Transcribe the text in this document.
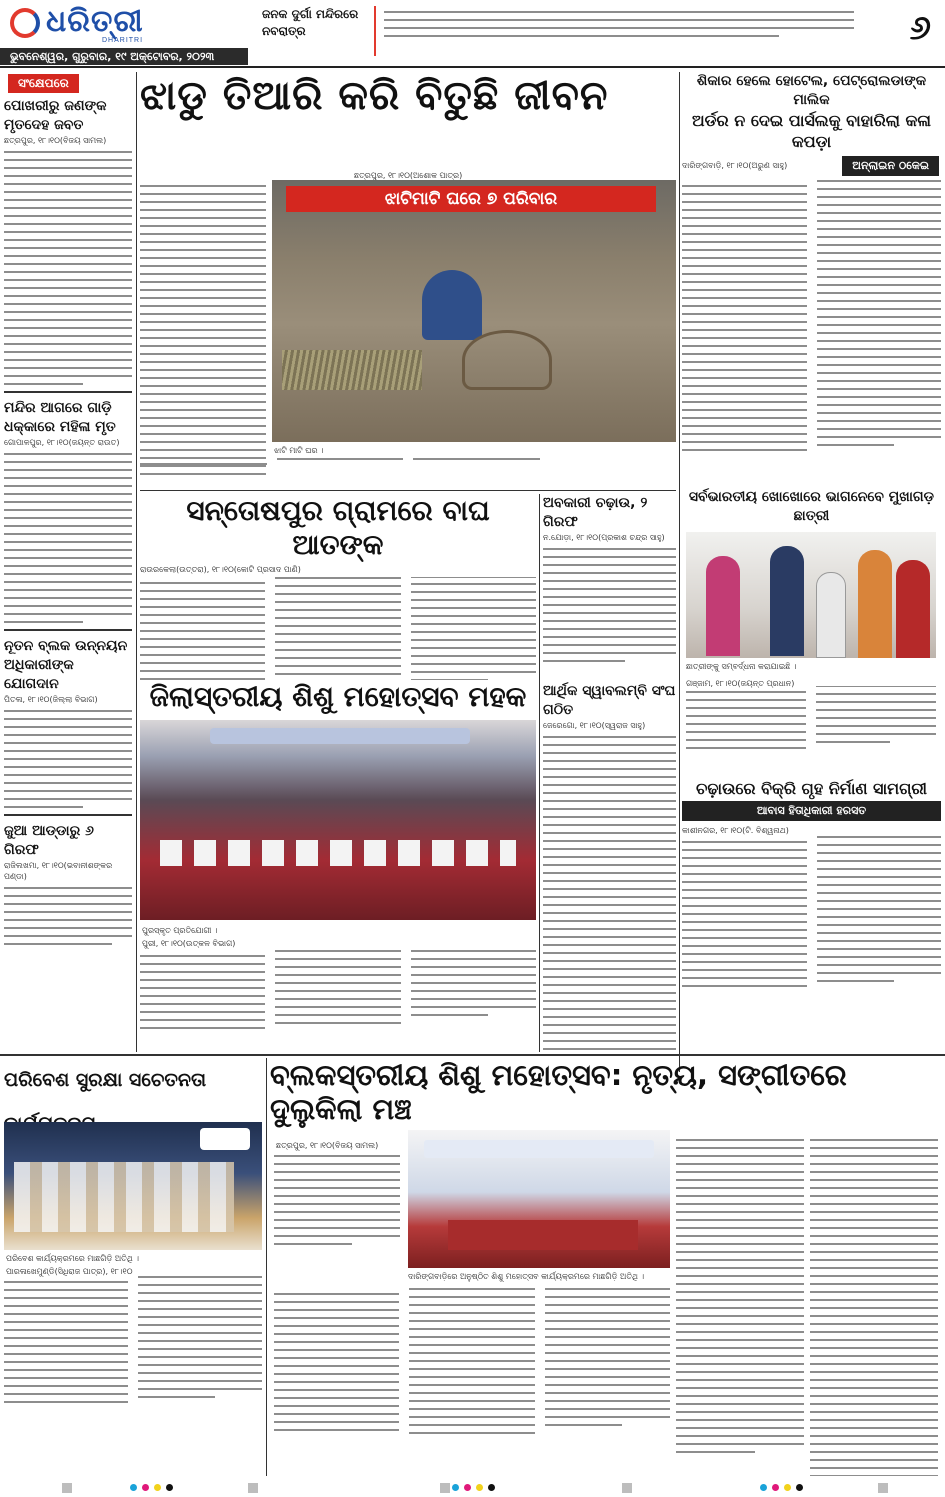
ଧରିତ୍ରୀ
DHARITRI
ଭୁବନେଶ୍ୱର, ଗୁରୁବାର, ୧୯ ଅକ୍ଟୋବର, ୨୦୨୩
ଜନକ ଦୁର୍ଗା ମନ୍ଦିରରେ ନବରାତ୍ର	୬
ସଂକ୍ଷେପରେ
ପୋଖରୀରୁ ଜଣଙ୍କ ମୃତଦେହ ଜବତ
ଛତ୍ରପୁର, ୧୮।୧୦(ବିଜୟ ସାମଲ)
ମନ୍ଦିର ଆଗରେ ଗାଡ଼ି ଧକ୍କାରେ ମହିଳା ମୃତ
ଗୋପାଳପୁର, ୧୮।୧୦(ଜୟନ୍ତ ରାଉତ)
ନୂତନ ବ୍ଲକ ଉନ୍ନୟନ ଅଧିକାରୀଙ୍କ ଯୋଗଦାନ
ପିତଳା, ୧୮।୧୦(ଜିଲ୍ଲା ବିଭାଗ)
ଜୁଆ ଆଡ୍ଡାରୁ ୬ ଗିରଫ
ରାଜିଲଖମା, ୧୮।୧୦(ଭବାନୀଶଙ୍କର ପଣ୍ଡା)
ଝାଡୁ ତିଆରି କରି ବିତୁଛି ଜୀବନ
ଛତ୍ରପୁର, ୧୮।୧୦(ଅଶୋକ ପାତ୍ର)
ଝାଟିମାଟି ଘରେ ୭ ପରିବାର
ଝାଟି ମାଟି ଘର ।
ଶିକାର ହେଲେ ହୋଟେଲ, ପେଟ୍ରୋଲଡାଙ୍କ ମାଲିକ
ଅର୍ଡର ନ ଦେଇ ପାର୍ସଲକୁ ବାହାରିଲା କଳା କପଡ଼ା
ଦାରିଙ୍ଗବାଡ଼ି, ୧୮।୧୦(ଅରୁଣ ସାହୁ)	ଅନ୍‌ଲାଇନ ଠକେଇ
ସନ୍ତୋଷପୁର ଗ୍ରାମରେ ବାଘ ଆତଙ୍କ
ରାଉରକେଲା(ଉତ୍ତରା), ୧୮।୧୦(କୋଟି ପ୍ରସାଦ ପାଣି)
ଅବକାରୀ ଚଢ଼ାଉ, ୨ ଗିରଫ
ନ.ଯୋଡ଼ା, ୧୮।୧୦(ପ୍ରକାଶ ଚନ୍ଦ୍ର ସାହୁ)
ସର୍ବଭାରତୀୟ ଖୋଖୋରେ ଭାଗନେବେ ମୁଖାଗଡ଼ ଛାତ୍ରୀ
ଛାତ୍ରୀଙ୍କୁ ସମ୍ବର୍ଦ୍ଧନା କରାଯାଇଛି ।
ଗଞ୍ଜାମ, ୧୮।୧୦(ଜୟନ୍ତ ପ୍ରଧାନ)
ଜିଲାସ୍ତରୀୟ ଶିଶୁ ମହୋତ୍ସବ ମହକ
ପୁରସ୍କୃତ ପ୍ରତିଯୋଗୀ ।
ପୁରୀ, ୧୮।୧୦(ଉତ୍କଳ ବିଭାଗ)
ଆର୍ଥିକ ସ୍ୱାବଲମ୍ବି ସଂଘ ଗଠିତ
ଜେରେଗୋ, ୧୮।୧୦(ସ୍ୱରାଜ ସାହୁ)
ଚଢ଼ାଉରେ ବିକ୍ରି ଗୃହ ନିର୍ମାଣ ସାମଗ୍ରୀ
ଆବାସ ହିତାଧିକାରୀ ହରସତ
କାଶୀନଗର, ୧୮।୧୦(ଟି. ବିଶ୍ୱନାଥ)
ପରିବେଶ ସୁରକ୍ଷା ସଚେତନତା
ପରିବେଶ କାର୍ଯ୍ୟକ୍ରମରେ ମାଛଗିଡ଼ି ଅତିଥି ।
ପାରଳାଖେମୁଣ୍ଡି(ସିଧିରାଜ ପାତ୍ର), ୧୮।୧୦
ବ୍ଲକସ୍ତରୀୟ ଶିଶୁ ମହୋତ୍ସବ: ନୃତ୍ୟ, ସଙ୍ଗୀତରେ ଦୁଲୁକିଲା ମଞ୍ଚ
ଛତ୍ରପୁର, ୧୮।୧୦(ବିଜୟ ସାମଲ)
ଦାରିଙ୍ଗବାଡ଼ିରେ ଅନୁଷ୍ଠିତ ଶିଶୁ ମହୋତ୍ସବ କାର୍ଯ୍ୟକ୍ରମରେ ମାଛଗିଡ଼ି ଅତିଥି ।
